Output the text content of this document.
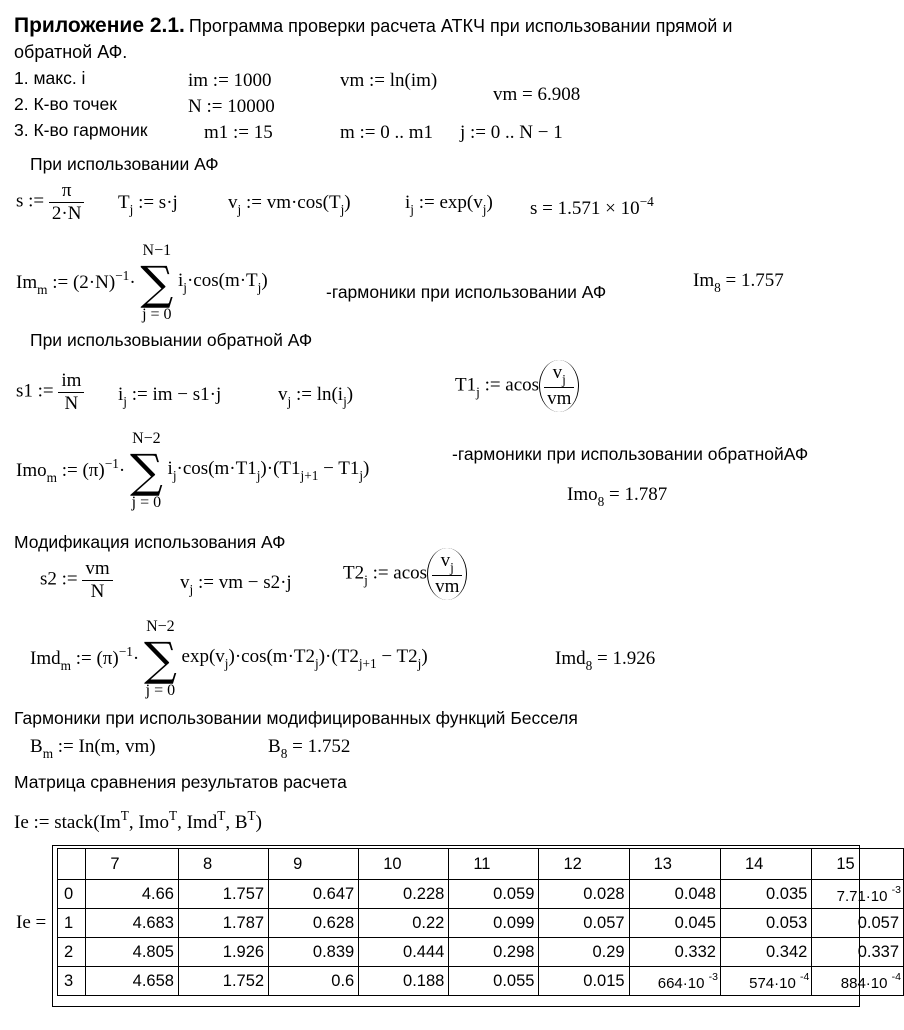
Приложение 2.1. Программа проверки расчета АТКЧ при использовании прямой и
обратной АФ.
1. макс. i
2. К-во точек
3. К-во гармоник
im := 1000
N := 10000
m1 := 15
vm := ln(im)
vm = 6.908
m := 0 .. m1 j := 0 .. N − 1
При использовании АФ
s := $\frac{\pi}{2\cdot N} T_j$ := s·j	$v_j$ := $vm\cdot\cos(T_j)$	$i_j$ := $\exp(v_j) s = 1.571 \times 10^{-4}$
$Im_m$ := $(2\cdot N)^{-1}\cdot$
N−1
∑
j = 0
$i_j\cdot\cos(m\cdot T_j)$
-гармоники при использовании АФ
$Im_8 = 1.757$
При использовыании обратной АФ
s1 := $\frac{im}{N} i_j$ := im − s1·j	$v_j$ := $\ln(i_j)$	$T1_j$ := acos $\frac{v_j}{vm}$
Imo$_m$ := $(\pi)^{-1}\cdot$
N−2
∑
j = 0
$i_j\cdot\cos(m\cdot T1_j)\cdot(T1_{j+1} - T1_j)$
-гармоники при использовании обратнойАФ
Imo$_8$ = 1.787
Модификация использования АФ
s2 := $\frac{vm}{N}$	$v_j$ := vm − s2·j	$T2_j$ := acos $\frac{v_j}{vm}$
Imd$_m$ := $(\pi)^{-1}\cdot$
N−2
∑
j = 0
$\exp(v_j)\cdot\cos(m\cdot T2_j)\cdot(T2_{j+1} - T2_j)$	Imd$_8$ = 1.926
Гармоники при использовании модифицированных функций Бесселя
$B_m$ := In(m, vm)	$B_8 = 1.752$
Матрица сравнения результатов расчета
Ie := $stack(Im^T$, Imo$^T$, Imd$^T$, $B^T$)
Ie =
	7	8	9	10	11	12	13	14	15
0	4.66	1.757	0.647	0.228	0.059	0.028	0.048	0.035	7.71·10 $^{-3}$
1	4.683	1.787	0.628	0.22	0.099	0.057	0.045	0.053	0.057
2	4.805	1.926	0.839	0.444	0.298	0.29	0.332	0.342	0.337
3	4.658	1.752	0.6	0.188	0.055	0.015	664·10 $^{-3}$	574·10 $^{-4}$	884·10 $^{-4}$
